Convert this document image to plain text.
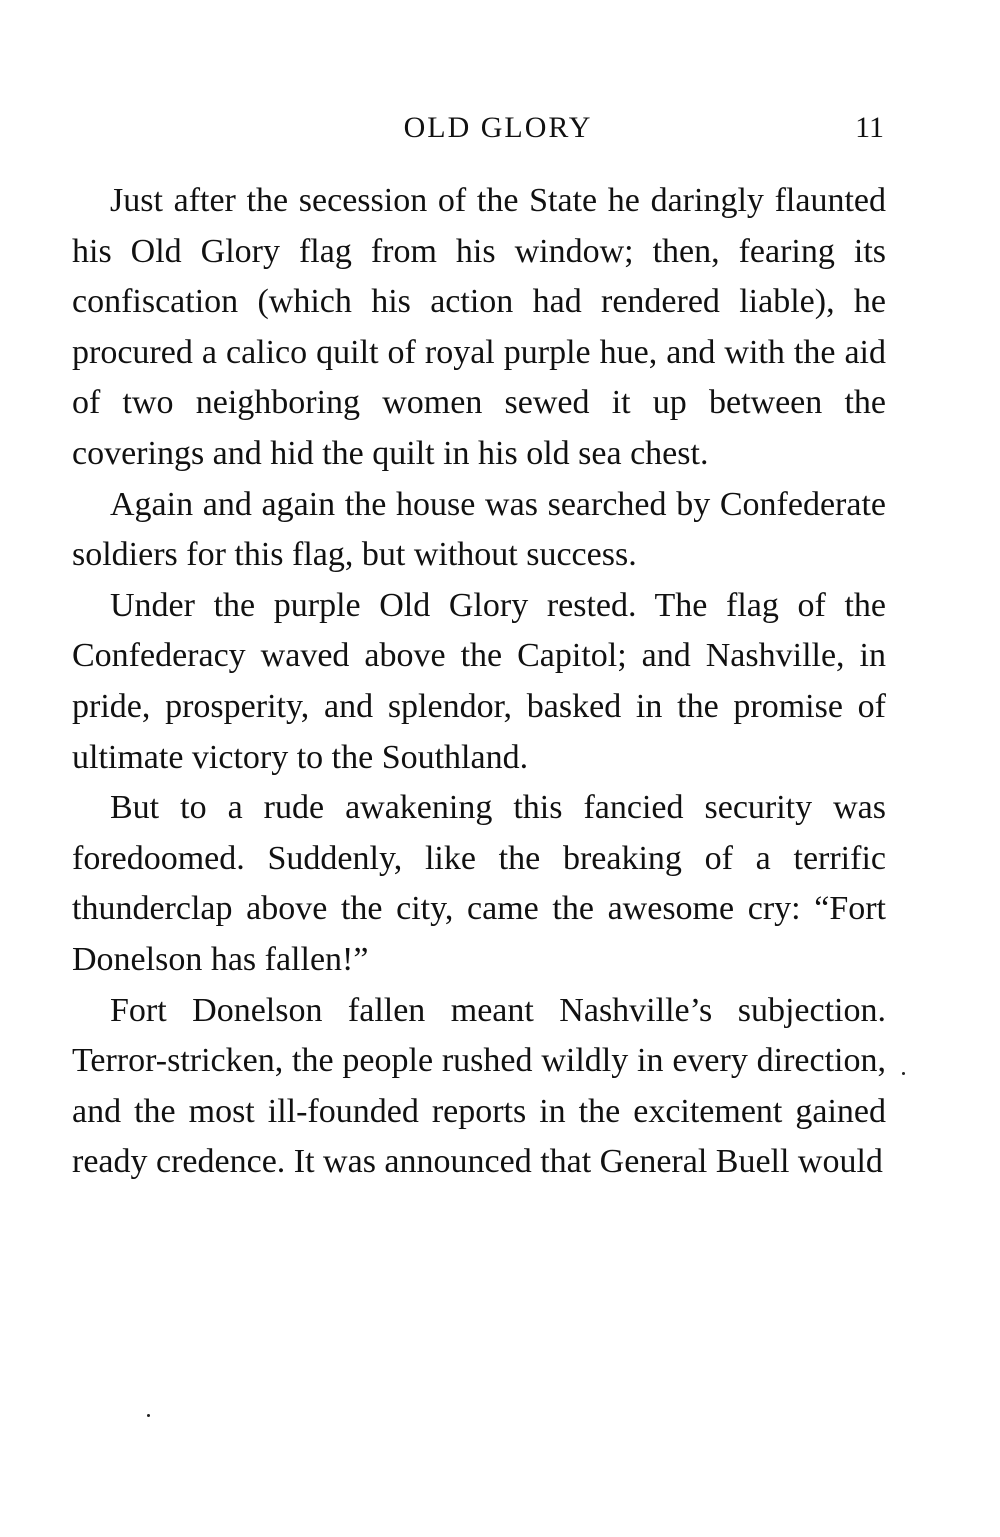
OLD GLORY	11

Just after the secession of the State he daringly flaunted his Old Glory flag from his window; then, fearing its confiscation (which his action had rendered liable), he procured a calico quilt of royal purple hue, and with the aid of two neighboring women sewed it up between the coverings and hid the quilt in his old sea chest.

Again and again the house was searched by Confederate soldiers for this flag, but without success.

Under the purple Old Glory rested. The flag of the Confederacy waved above the Capitol; and Nashville, in pride, prosperity, and splendor, basked in the promise of ultimate victory to the Southland.

But to a rude awakening this fancied security was foredoomed. Suddenly, like the breaking of a terrific thunderclap above the city, came the awesome cry: “Fort Donelson has fallen!”

Fort Donelson fallen meant Nashville’s subjection. Terror-stricken, the people rushed wildly in every direction, and the most ill-founded reports in the excitement gained ready credence. It was announced that General Buell would
